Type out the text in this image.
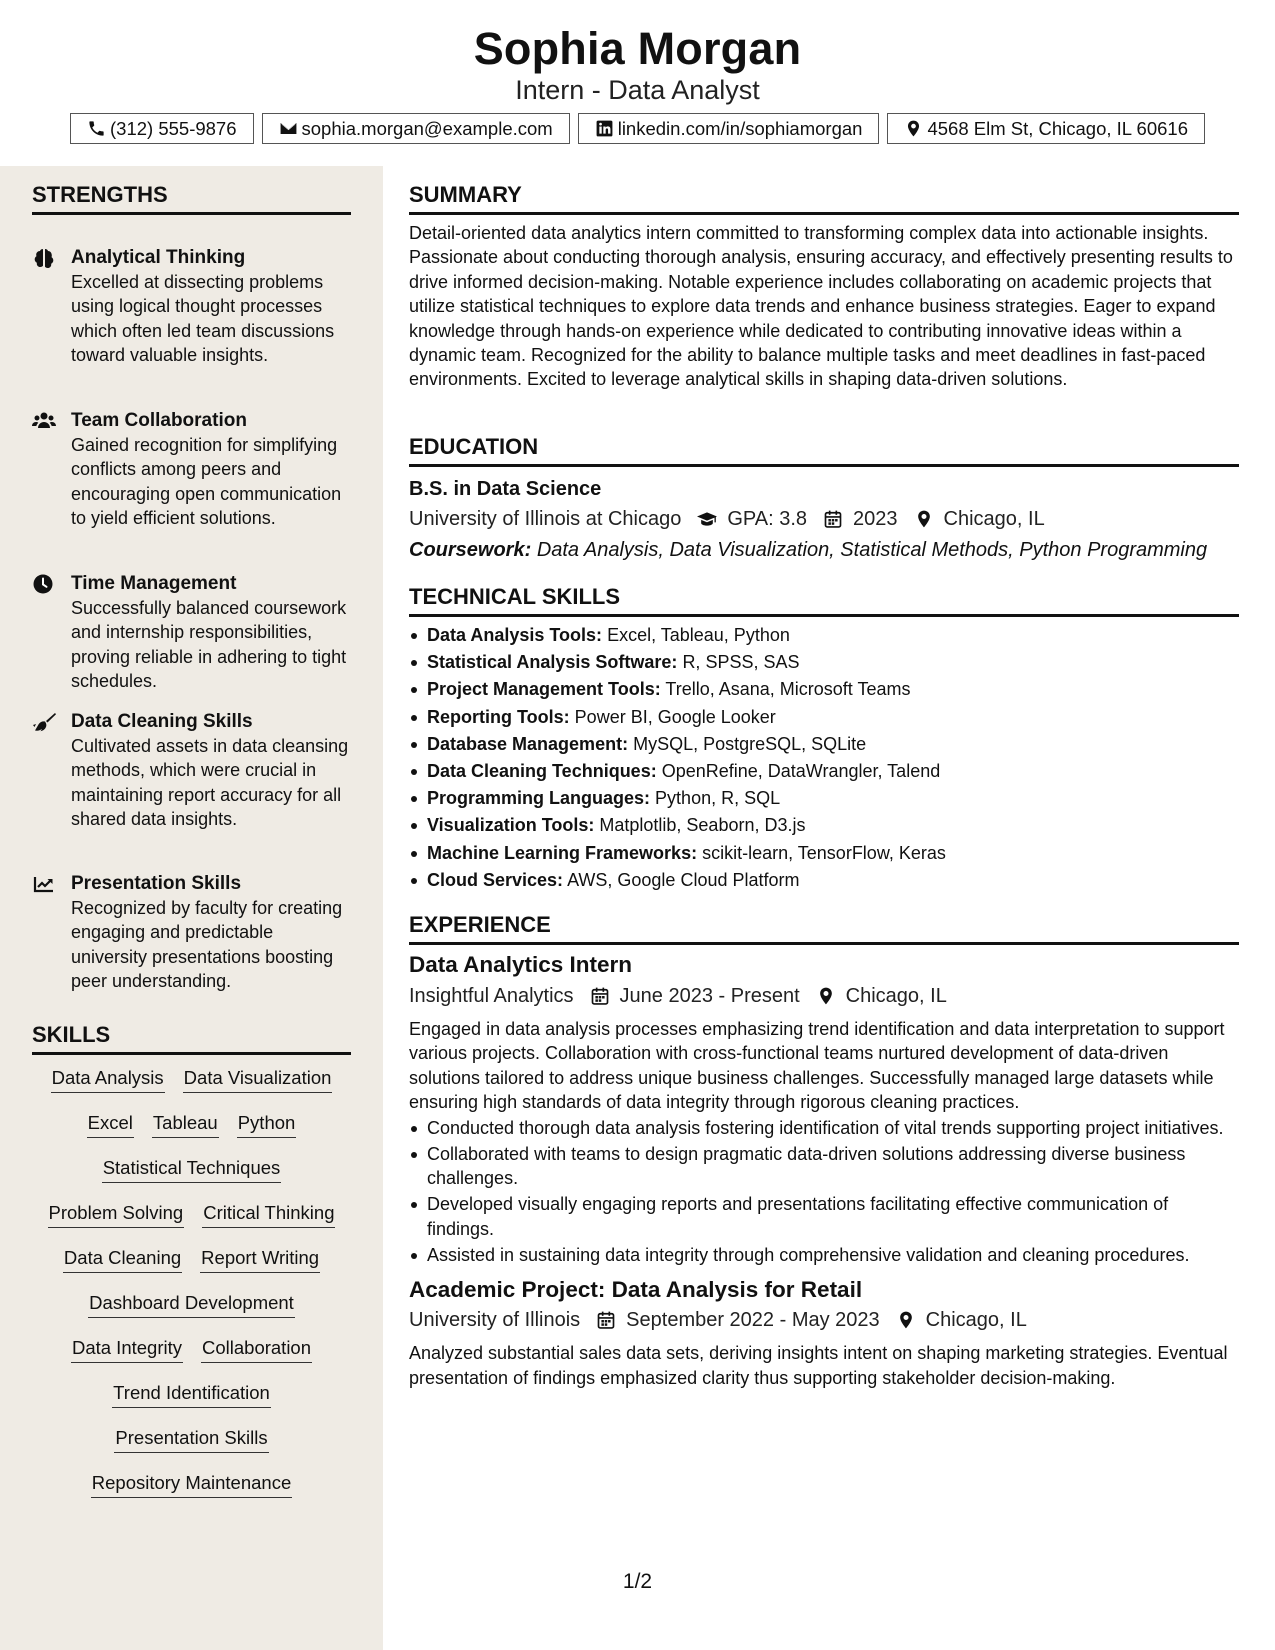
Sophia Morgan
Intern - Data Analyst
(312) 555-9876	sophia.morgan@example.com	linkedin.com/in/sophiamorgan	4568 Elm St, Chicago, IL 60616
STRENGTHS
Analytical Thinking
Excelled at dissecting problems using logical thought processes which often led team discussions toward valuable insights.
Team Collaboration
Gained recognition for simplifying conflicts among peers and encouraging open communication to yield efficient solutions.
Time Management
Successfully balanced coursework and internship responsibilities, proving reliable in adhering to tight schedules.
Data Cleaning Skills
Cultivated assets in data cleansing methods, which were crucial in maintaining report accuracy for all shared data insights.
Presentation Skills
Recognized by faculty for creating engaging and predictable university presentations boosting peer understanding.
SKILLS
Data Analysis Data Visualization
Excel Tableau Python
Statistical Techniques
Problem Solving Critical Thinking
Data Cleaning Report Writing
Dashboard Development
Data Integrity Collaboration
Trend Identification
Presentation Skills
Repository Maintenance
SUMMARY
Detail-oriented data analytics intern committed to transforming complex data into actionable insights. Passionate about conducting thorough analysis, ensuring accuracy, and effectively presenting results to drive informed decision-making. Notable experience includes collaborating on academic projects that utilize statistical techniques to explore data trends and enhance business strategies. Eager to expand knowledge through hands-on experience while dedicated to contributing innovative ideas within a dynamic team. Recognized for the ability to balance multiple tasks and meet deadlines in fast-paced environments. Excited to leverage analytical skills in shaping data-driven solutions.
EDUCATION
B.S. in Data Science
University of Illinois at Chicago GPA: 3.8 2023 Chicago, IL
Coursework: Data Analysis, Data Visualization, Statistical Methods, Python Programming
TECHNICAL SKILLS
Data Analysis Tools: Excel, Tableau, Python
Statistical Analysis Software: R, SPSS, SAS
Project Management Tools: Trello, Asana, Microsoft Teams
Reporting Tools: Power BI, Google Looker
Database Management: MySQL, PostgreSQL, SQLite
Data Cleaning Techniques: OpenRefine, DataWrangler, Talend
Programming Languages: Python, R, SQL
Visualization Tools: Matplotlib, Seaborn, D3.js
Machine Learning Frameworks: scikit-learn, TensorFlow, Keras
Cloud Services: AWS, Google Cloud Platform
EXPERIENCE
Data Analytics Intern
Insightful Analytics June 2023 - Present Chicago, IL
Engaged in data analysis processes emphasizing trend identification and data interpretation to support various projects. Collaboration with cross-functional teams nurtured development of data-driven solutions tailored to address unique business challenges. Successfully managed large datasets while ensuring high standards of data integrity through rigorous cleaning practices.
Conducted thorough data analysis fostering identification of vital trends supporting project initiatives.
Collaborated with teams to design pragmatic data-driven solutions addressing diverse business challenges.
Developed visually engaging reports and presentations facilitating effective communication of findings.
Assisted in sustaining data integrity through comprehensive validation and cleaning procedures.
Academic Project: Data Analysis for Retail
University of Illinois September 2022 - May 2023 Chicago, IL
Analyzed substantial sales data sets, deriving insights intent on shaping marketing strategies. Eventual presentation of findings emphasized clarity thus supporting stakeholder decision-making.
1/2
